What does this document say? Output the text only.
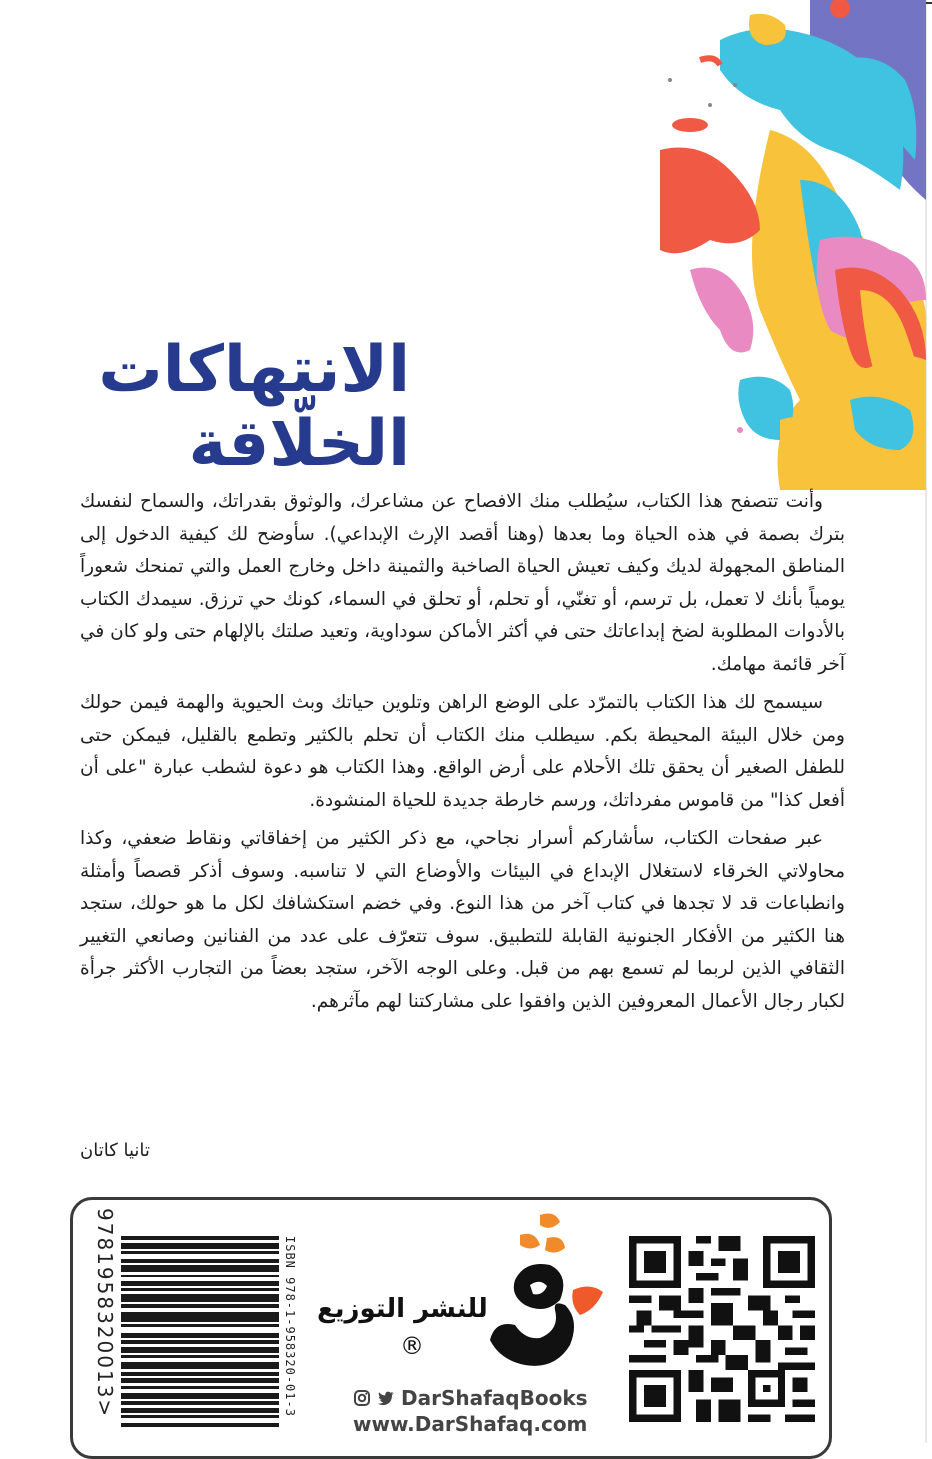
الانتهاكات
الخلّاقة

وأنت تتصفح هذا الكتاب، سيُطلب منك الافصاح عن مشاعرك، والوثوق بقدراتك، والسماح لنفسك بترك بصمة في هذه الحياة وما بعدها (وهنا أقصد الإرث الإبداعي). سأوضح لك كيفية الدخول إلى المناطق المجهولة لديك وكيف تعيش الحياة الصاخبة والثمينة داخل وخارج العمل والتي تمنحك شعوراً يومياً بأنك لا تعمل، بل ترسم، أو تغنّي، أو تحلم، أو تحلق في السماء، كونك حي ترزق. سيمدك الكتاب بالأدوات المطلوبة لضخ إبداعاتك حتى في أكثر الأماكن سوداوية، وتعيد صلتك بالإلهام حتى ولو كان في آخر قائمة مهامك.

سيسمح لك هذا الكتاب بالتمرّد على الوضع الراهن وتلوين حياتك وبث الحيوية والهمة فيمن حولك ومن خلال البيئة المحيطة بكم. سيطلب منك الكتاب أن تحلم بالكثير وتطمع بالقليل، فيمكن حتى للطفل الصغير أن يحقق تلك الأحلام على أرض الواقع. وهذا الكتاب هو دعوة لشطب عبارة "على أن أفعل كذا" من قاموس مفرداتك، ورسم خارطة جديدة للحياة المنشودة.

عبر صفحات الكتاب، سأشاركم أسرار نجاحي، مع ذكر الكثير من إخفاقاتي ونقاط ضعفي، وكذا محاولاتي الخرقاء لاستغلال الإبداع في البيئات والأوضاع التي لا تناسبه. وسوف أذكر قصصاً وأمثلة وانطباعات قد لا تجدها في كتاب آخر من هذا النوع. وفي خضم استكشافك لكل ما هو حولك، ستجد هنا الكثير من الأفكار الجنونية القابلة للتطبيق. سوف تتعرّف على عدد من الفنانين وصانعي التغيير الثقافي الذين لربما لم تسمع بهم من قبل. وعلى الوجه الآخر، ستجد بعضاً من التجارب الأكثر جرأة لكبار رجال الأعمال المعروفين الذين وافقوا على مشاركتنا لهم مآثرهم.

تانيا كاتان
9781958320013>	ISBN 978-1-958320-01-3 للنشر التوزيع
®
DarShafaqBooks
www.DarShafaq.com
